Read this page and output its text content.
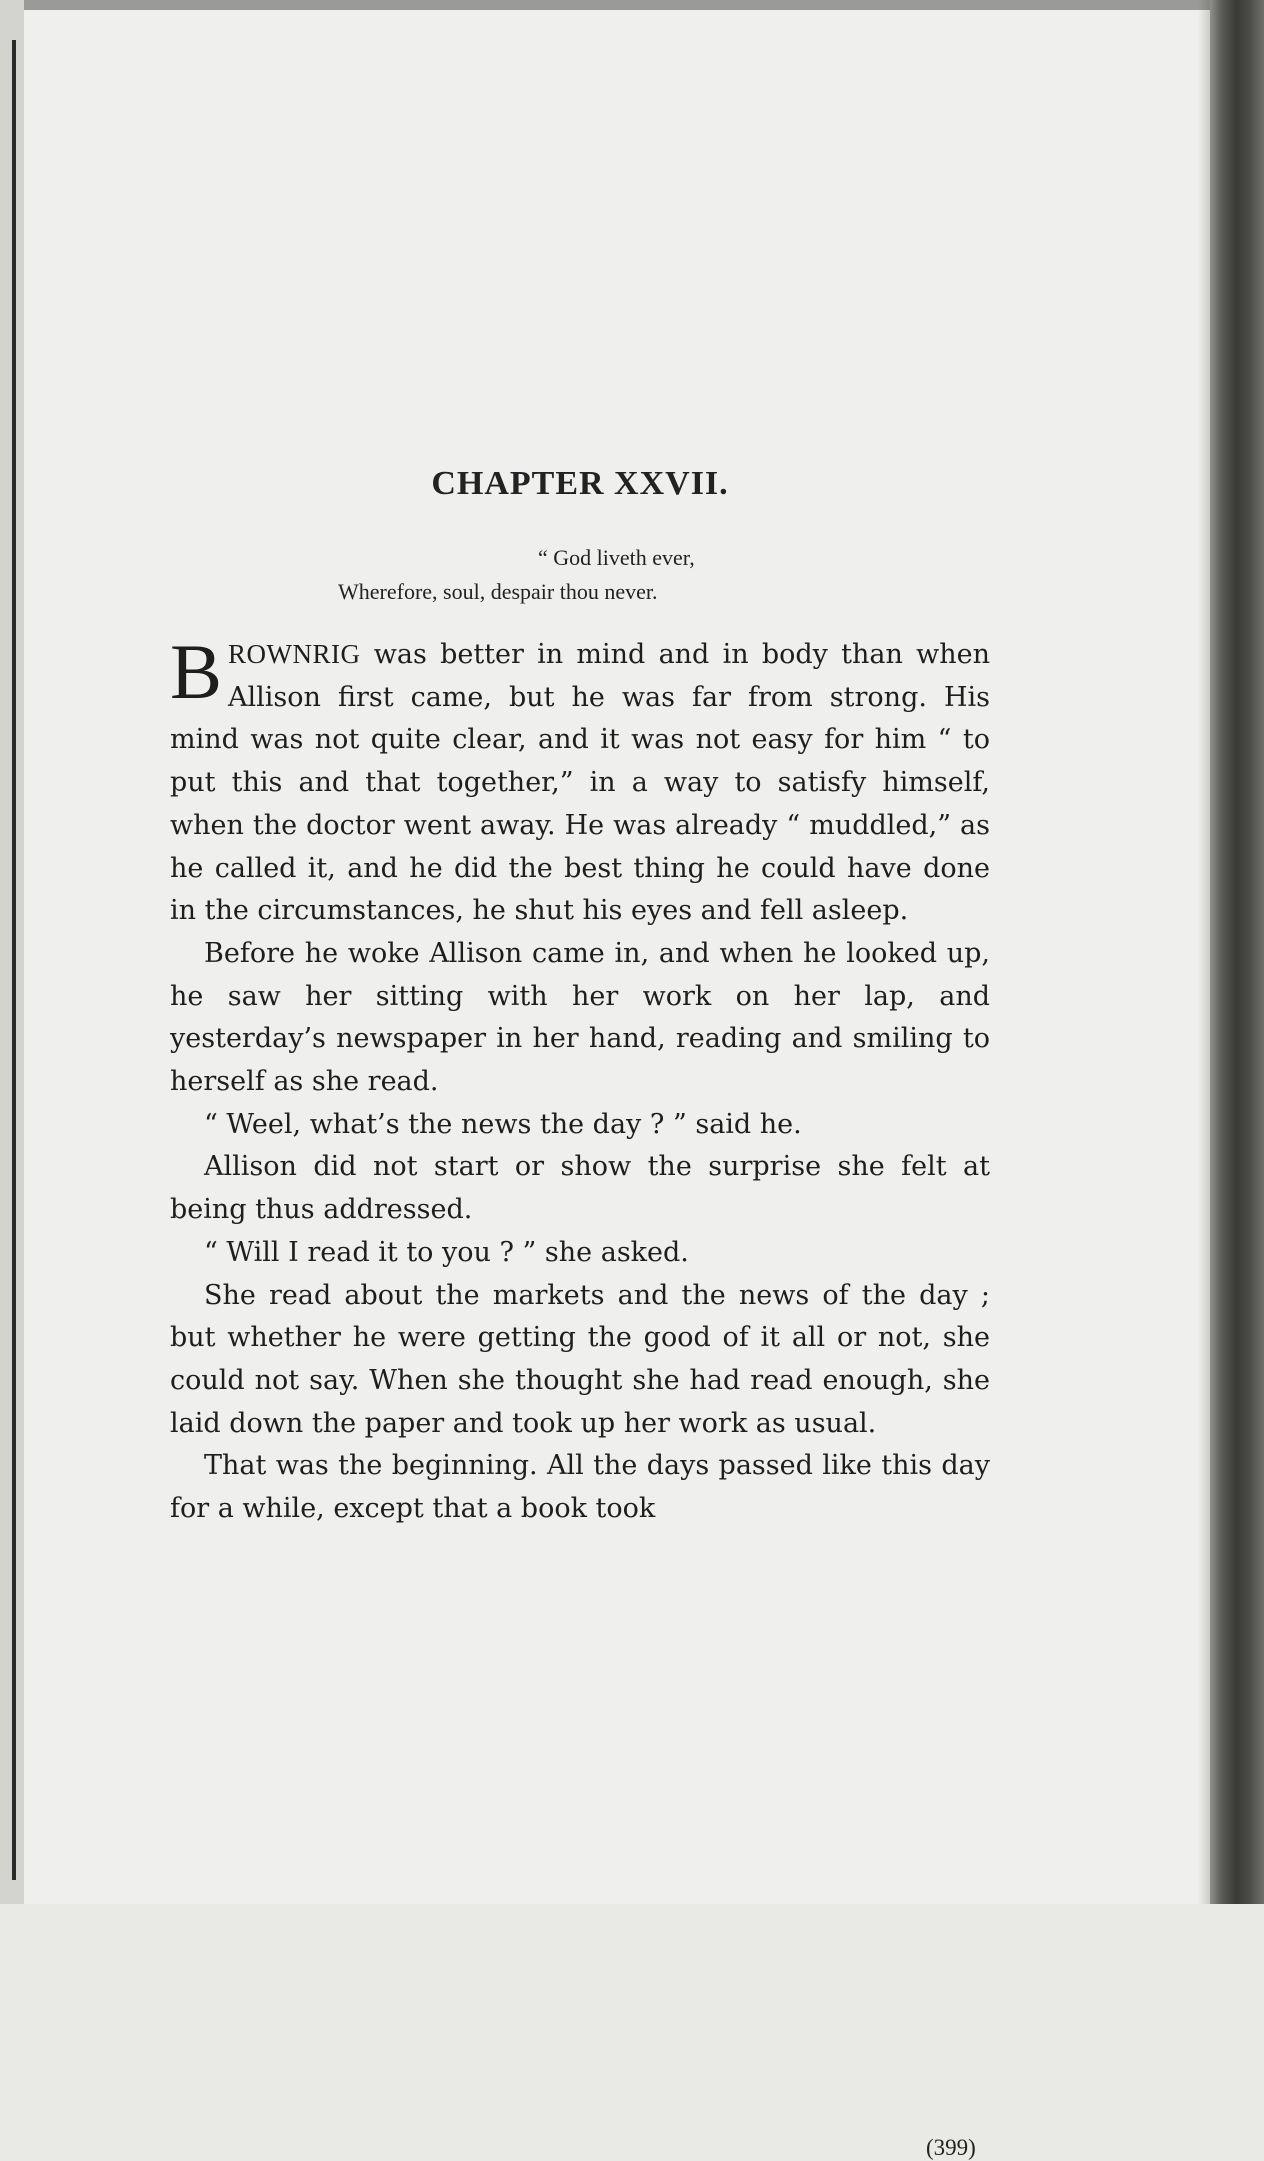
CHAPTER XXVII.
“ God liveth ever,
Wherefore, soul, despair thou never.

BROWNRIG was better in mind and in body than when Allison first came, but he was far from strong. His mind was not quite clear, and it was not easy for him “ to put this and that together,” in a way to satisfy himself, when the doctor went away. He was already “ muddled,” as he called it, and he did the best thing he could have done in the circumstances, he shut his eyes and fell asleep.

Before he woke Allison came in, and when he looked up, he saw her sitting with her work on her lap, and yesterday’s newspaper in her hand, reading and smiling to herself as she read.

“ Weel, what’s the news the day ? ” said he.

Allison did not start or show the surprise she felt at being thus addressed.

“ Will I read it to you ? ” she asked.

She read about the markets and the news of the day ; but whether he were getting the good of it all or not, she could not say. When she thought she had read enough, she laid down the paper and took up her work as usual.

That was the beginning. All the days passed like this day for a while, except that a book took

(399)
